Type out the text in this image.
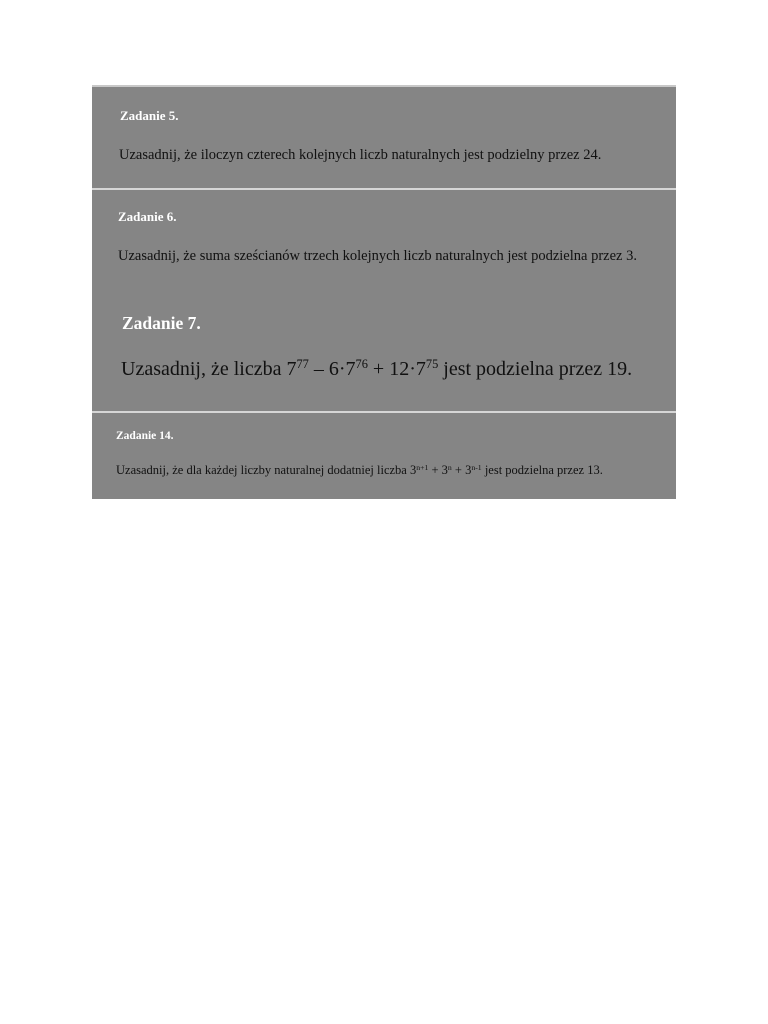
Zadanie 5.
Uzasadnij, że iloczyn czterech kolejnych liczb naturalnych jest podzielny przez 24.
Zadanie 6.
Uzasadnij, że suma sześcianów trzech kolejnych liczb naturalnych jest podzielna przez 3.
Zadanie 7.
Uzasadnij, że liczba $7^{77} - 6\cdot 7^{76} + 12\cdot 7^{75}$ jest podzielna przez 19.
Zadanie 14.
Uzasadnij, że dla każdej liczby naturalnej dodatniej liczba $3^{n+1} + 3^n + 3^{n-1}$ jest podzielna przez 13.
